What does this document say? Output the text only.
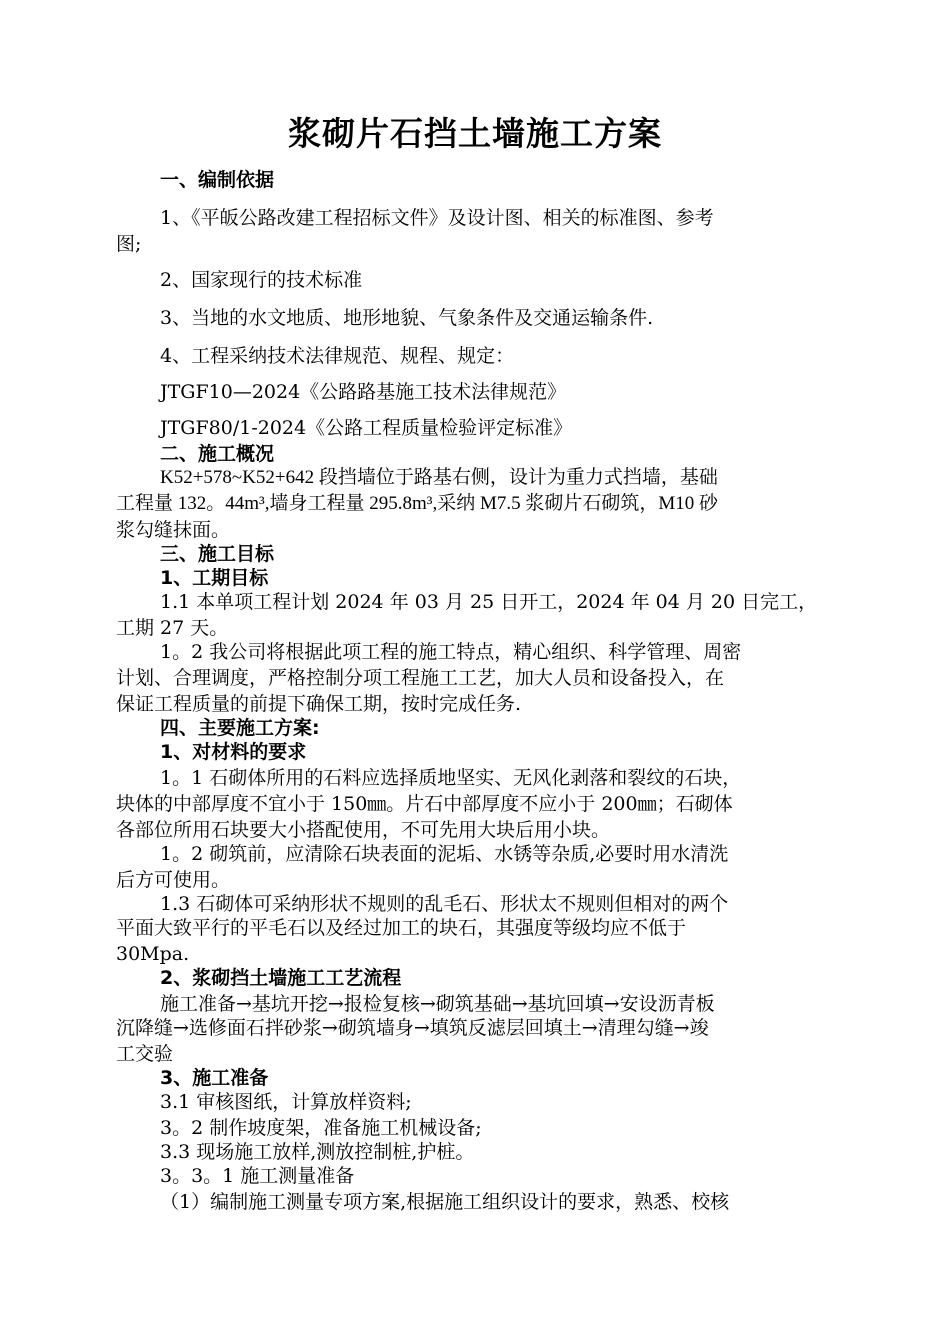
浆砌片石挡土墙施工方案
一、编制依据
1、《平皈公路改建工程招标文件》及设计图、相关的标准图、参考
图;
2、国家现行的技术标准
3、当地的水文地质、地形地貌、气象条件及交通运输条件.
4、工程采纳技术法律规范、规程、规定：
JTGF10—2024《公路路基施工技术法律规范》
JTGF80/1-2024《公路工程质量检验评定标准》
二、施工概况
K52+578~K52+642 段挡墙位于路基右侧，设计为重力式挡墙，基础
工程量 132。44m³,墙身工程量 295.8m³,采纳 M7.5 浆砌片石砌筑，M10 砂
浆勾缝抹面。
三、施工目标
1、工期目标
1.1 本单项工程计划 2024 年 03 月 25 日开工，2024 年 04 月 20 日完工，
工期 27 天。
1。2 我公司将根据此项工程的施工特点，精心组织、科学管理、周密
计划、合理调度，严格控制分项工程施工工艺，加大人员和设备投入，在
保证工程质量的前提下确保工期，按时完成任务.
四、主要施工方案:
1、对材料的要求
1。1 石砌体所用的石料应选择质地坚实、无风化剥落和裂纹的石块，
块体的中部厚度不宜小于 150㎜。片石中部厚度不应小于 200㎜；石砌体
各部位所用石块要大小搭配使用，不可先用大块后用小块。
1。2 砌筑前，应清除石块表面的泥垢、水锈等杂质,必要时用水清洗
后方可使用。
1.3 石砌体可采纳形状不规则的乱毛石、形状太不规则但相对的两个
平面大致平行的平毛石以及经过加工的块石，其强度等级均应不低于
30Mpa.
2、浆砌挡土墙施工工艺流程
施工准备→基坑开挖→报检复核→砌筑基础→基坑回填→安设沥青板
沉降缝→选修面石拌砂浆→砌筑墙身→填筑反滤层回填土→清理勾缝→竣
工交验
3、施工准备
3.1 审核图纸，计算放样资料;
3。2 制作坡度架，准备施工机械设备;
3.3 现场施工放样,测放控制桩,护桩。
3。3。1 施工测量准备
（1）编制施工测量专项方案,根据施工组织设计的要求，熟悉、校核
